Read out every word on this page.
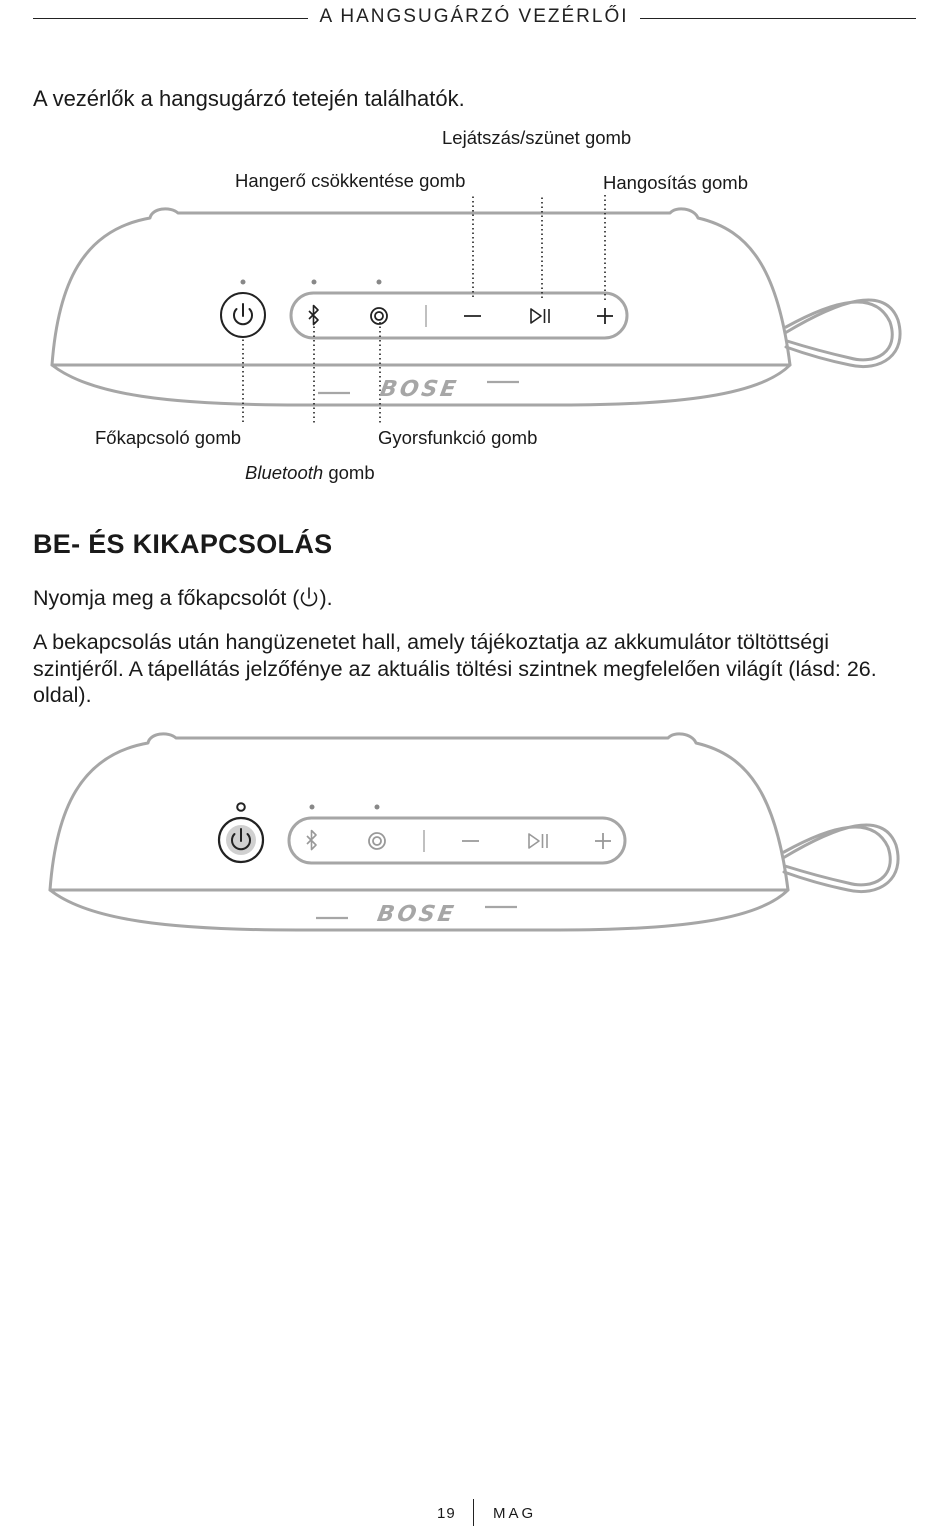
A HANGSUGÁRZÓ VEZÉRLŐI
A vezérlők a hangsugárzó tetején találhatók.
Lejátszás/szünet gomb
Hangerő csökkentése gomb	Hangosítás gomb
Főkapcsoló gomb	Gyorsfunkció gomb
Bluetooth gomb
BOSE
BE- ÉS KIKAPCSOLÁS
Nyomja meg a főkapcsolót ( ).
A bekapcsolás után hangüzenetet hall, amely tájékoztatja az akkumulátor töltöttségi szintjéről. A tápellátás jelzőfénye az aktuális töltési szintnek megfelelően világít (lásd: 26. oldal).
BOSE
19 MAG
